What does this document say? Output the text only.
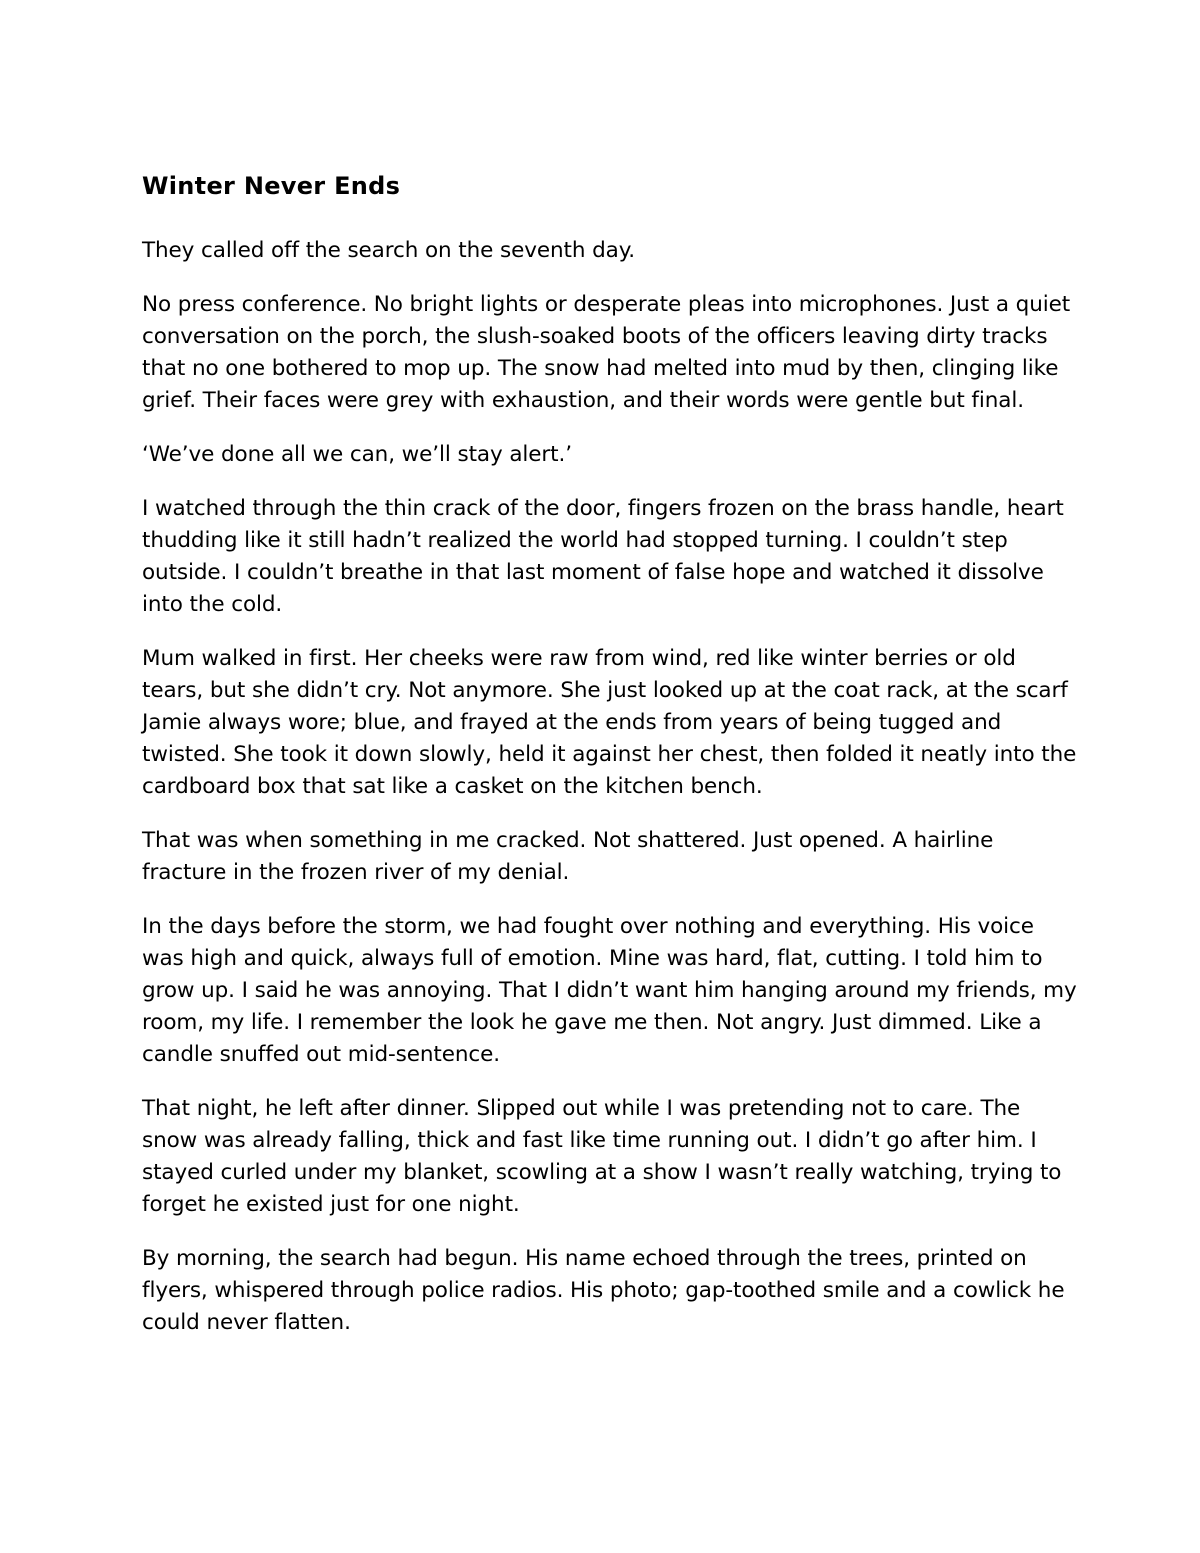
Winter Never Ends

They called off the search on the seventh day.

No press conference. No bright lights or desperate pleas into microphones. Just a quiet conversation on the porch, the slush-soaked boots of the officers leaving dirty tracks that no one bothered to mop up. The snow had melted into mud by then, clinging like grief. Their faces were grey with exhaustion, and their words were gentle but final.

‘We’ve done all we can, we’ll stay alert.’

I watched through the thin crack of the door, fingers frozen on the brass handle, heart thudding like it still hadn’t realized the world had stopped turning. I couldn’t step outside. I couldn’t breathe in that last moment of false hope and watched it dissolve into the cold.

Mum walked in first. Her cheeks were raw from wind, red like winter berries or old tears, but she didn’t cry. Not anymore. She just looked up at the coat rack, at the scarf Jamie always wore; blue, and frayed at the ends from years of being tugged and twisted. She took it down slowly, held it against her chest, then folded it neatly into the cardboard box that sat like a casket on the kitchen bench.

That was when something in me cracked. Not shattered. Just opened. A hairline fracture in the frozen river of my denial.

In the days before the storm, we had fought over nothing and everything. His voice was high and quick, always full of emotion. Mine was hard, flat, cutting. I told him to grow up. I said he was annoying. That I didn’t want him hanging around my friends, my room, my life. I remember the look he gave me then. Not angry. Just dimmed. Like a candle snuffed out mid-sentence.

That night, he left after dinner. Slipped out while I was pretending not to care. The snow was already falling, thick and fast like time running out. I didn’t go after him. I stayed curled under my blanket, scowling at a show I wasn’t really watching, trying to forget he existed just for one night.

By morning, the search had begun. His name echoed through the trees, printed on flyers, whispered through police radios. His photo; gap-toothed smile and a cowlick he could never flatten.
